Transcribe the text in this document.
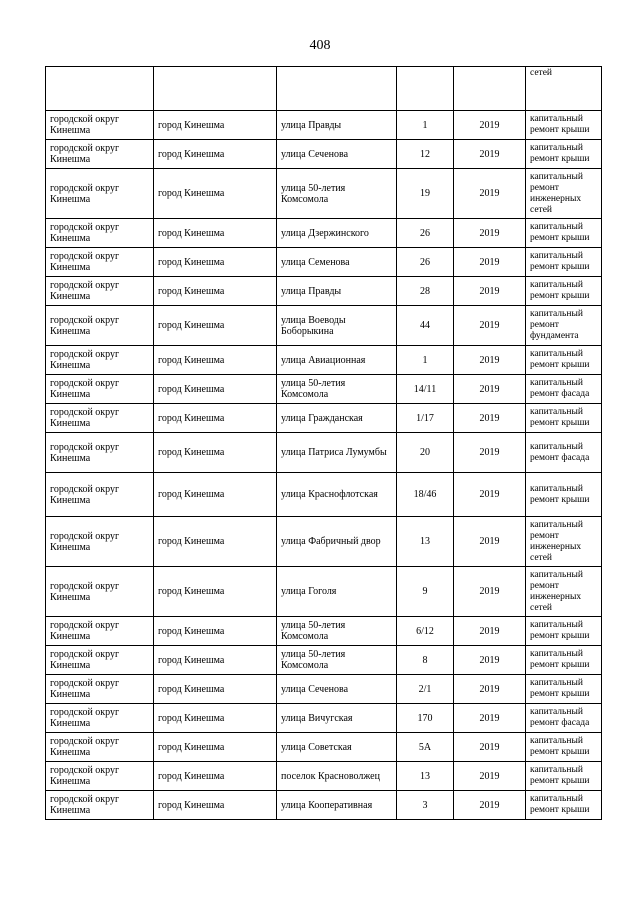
408
					сетей
городской округ Кинешма	город Кинешма	улица Правды	1	2019	капитальный ремонт крыши
городской округ Кинешма	город Кинешма	улица Сеченова	12	2019	капитальный ремонт крыши
городской округ Кинешма	город Кинешма	улица 50-летия Комсомола	19	2019	капитальный ремонт инженерных сетей
городской округ Кинешма	город Кинешма	улица Дзержинского	26	2019	капитальный ремонт крыши
городской округ Кинешма	город Кинешма	улица Семенова	26	2019	капитальный ремонт крыши
городской округ Кинешма	город Кинешма	улица Правды	28	2019	капитальный ремонт крыши
городской округ Кинешма	город Кинешма	улица Воеводы Боборыкина	44	2019	капитальный ремонт фундамента
городской округ Кинешма	город Кинешма	улица Авиационная	1	2019	капитальный ремонт крыши
городской округ Кинешма	город Кинешма	улица 50-летия Комсомола	14/11	2019	капитальный ремонт фасада
городской округ Кинешма	город Кинешма	улица Гражданская	1/17	2019	капитальный ремонт крыши
городской округ Кинешма	город Кинешма	улица Патриса Лумумбы	20	2019	капитальный ремонт фасада
городской округ Кинешма	город Кинешма	улица Краснофлотская	18/46	2019	капитальный ремонт крыши
городской округ Кинешма	город Кинешма	улица Фабричный двор	13	2019	капитальный ремонт инженерных сетей
городской округ Кинешма	город Кинешма	улица Гоголя	9	2019	капитальный ремонт инженерных сетей
городской округ Кинешма	город Кинешма	улица 50-летия Комсомола	6/12	2019	капитальный ремонт крыши
городской округ Кинешма	город Кинешма	улица 50-летия Комсомола	8	2019	капитальный ремонт крыши
городской округ Кинешма	город Кинешма	улица Сеченова	2/1	2019	капитальный ремонт крыши
городской округ Кинешма	город Кинешма	улица Вичугская	170	2019	капитальный ремонт фасада
городской округ Кинешма	город Кинешма	улица Советская	5А	2019	капитальный ремонт крыши
городской округ Кинешма	город Кинешма	поселок Красноволжец	13	2019	капитальный ремонт крыши
городской округ Кинешма	город Кинешма	улица Кооперативная	3	2019	капитальный ремонт крыши
